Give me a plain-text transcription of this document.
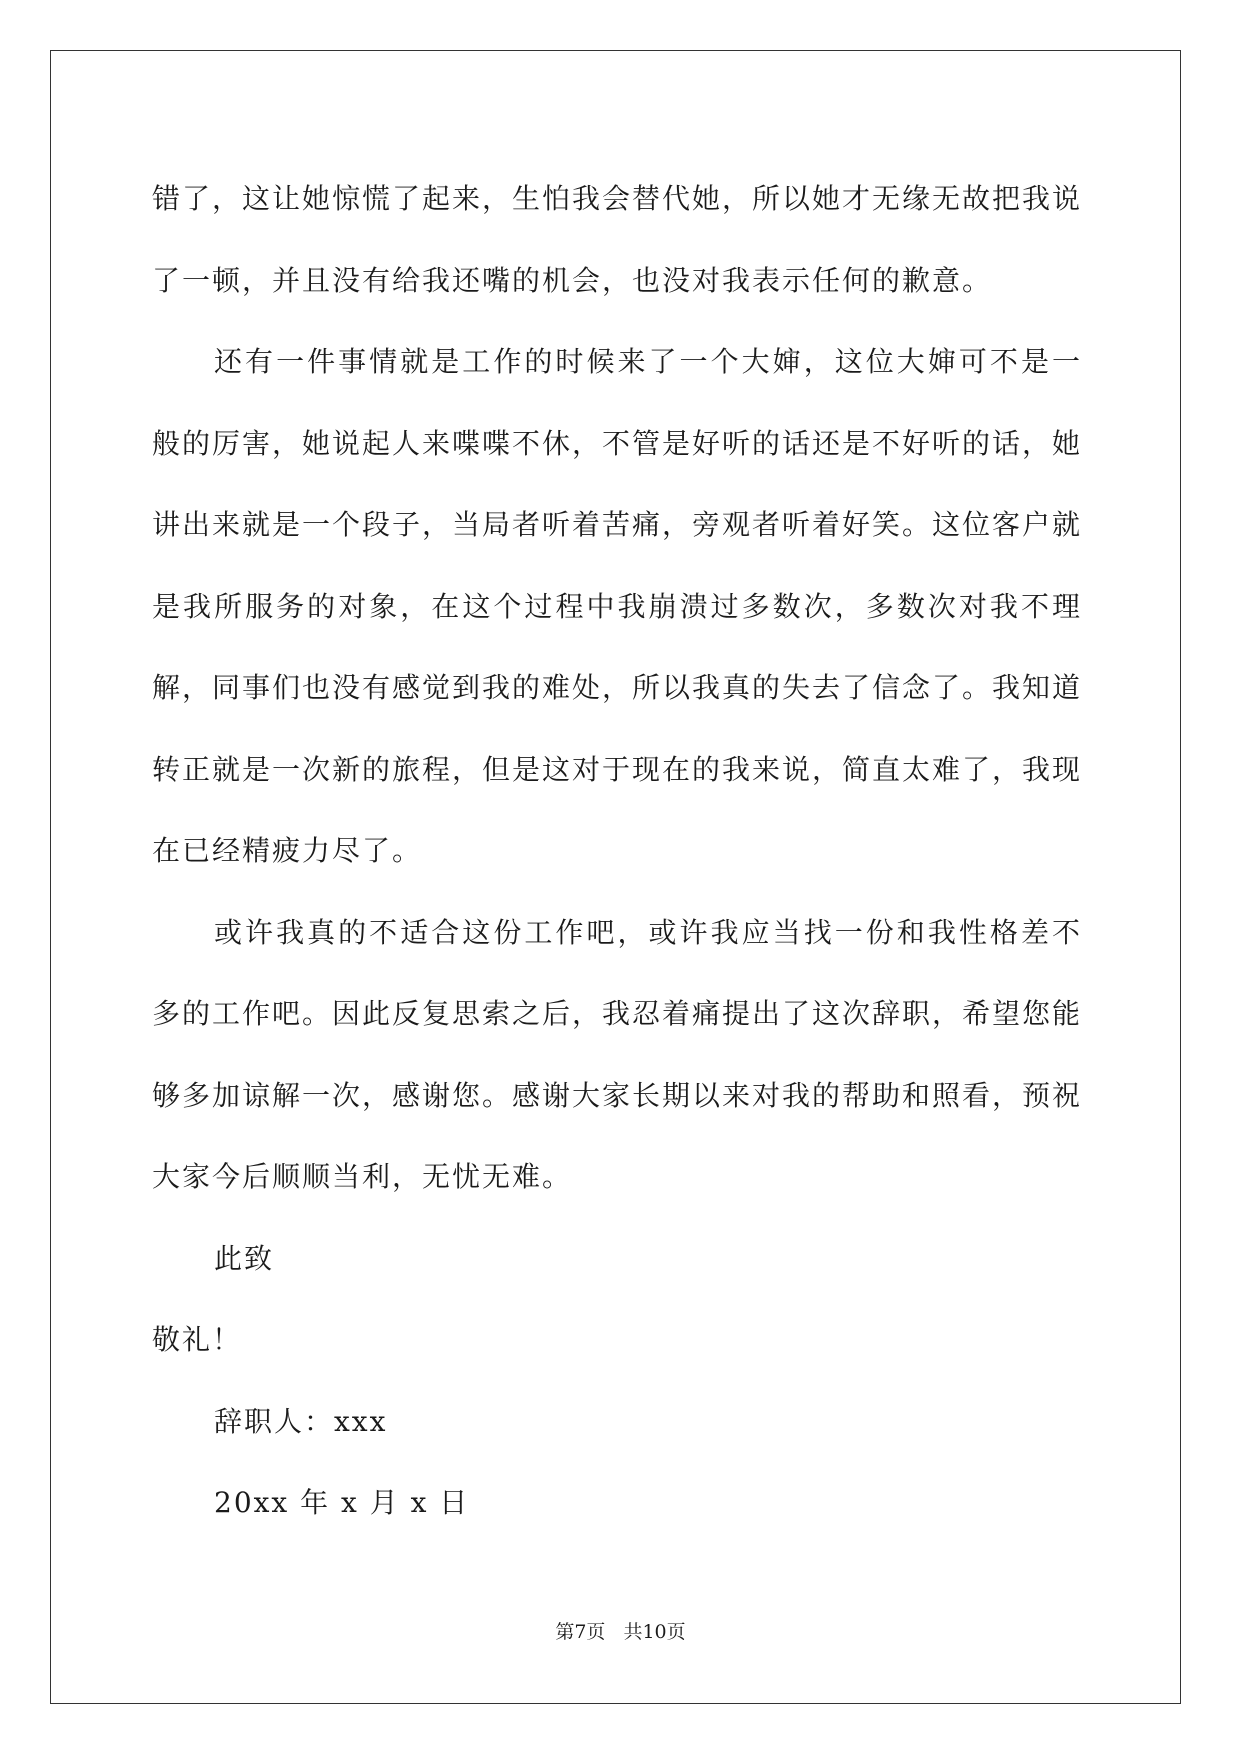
错了，这让她惊慌了起来，生怕我会替代她，所以她才无缘无故把我说了一顿，并且没有给我还嘴的机会，也没对我表示任何的歉意。

还有一件事情就是工作的时候来了一个大婶，这位大婶可不是一般的厉害，她说起人来喋喋不休，不管是好听的话还是不好听的话，她讲出来就是一个段子，当局者听着苦痛，旁观者听着好笑。这位客户就是我所服务的对象，在这个过程中我崩溃过多数次，多数次对我不理解，同事们也没有感觉到我的难处，所以我真的失去了信念了。我知道转正就是一次新的旅程，但是这对于现在的我来说，简直太难了，我现在已经精疲力尽了。

或许我真的不适合这份工作吧，或许我应当找一份和我性格差不多的工作吧。因此反复思索之后，我忍着痛提出了这次辞职，希望您能够多加谅解一次，感谢您。感谢大家长期以来对我的帮助和照看，预祝大家今后顺顺当利，无忧无难。

此致

敬礼！

辞职人：xxx

20xx 年 x 月 x 日

第7页 共10页
